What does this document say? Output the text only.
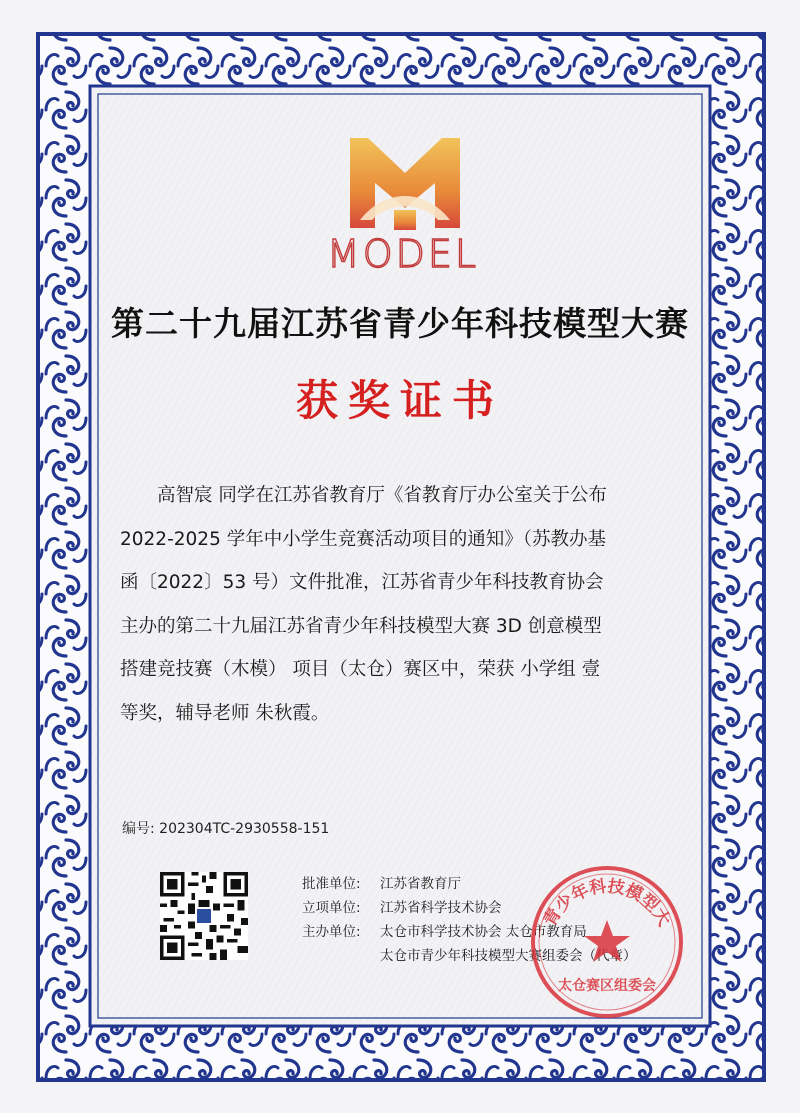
MODEL
第二十九届江苏省青少年科技模型大赛
获奖证书
高智宸 同学在江苏省教育厅《省教育厅办公室关于公布
2022-2025 学年中小学生竞赛活动项目的通知》（苏教办基
函〔2022〕53 号）文件批准，江苏省青少年科技教育协会
主办的第二十九届江苏省青少年科技模型大赛 3D 创意模型
搭建竞技赛（木模） 项目（太仓）赛区中，荣获 小学组 壹
等奖，辅导老师 朱秋霞。
编号: 202304TC-2930558-151
批准单位: 江苏省教育厅
立项单位: 江苏省科学技术协会
主办单位: 太仓市科学技术协会 太仓市教育局
太仓市青少年科技模型大赛组委会（代章）
青少年科技模型大
太仓赛区组委会
